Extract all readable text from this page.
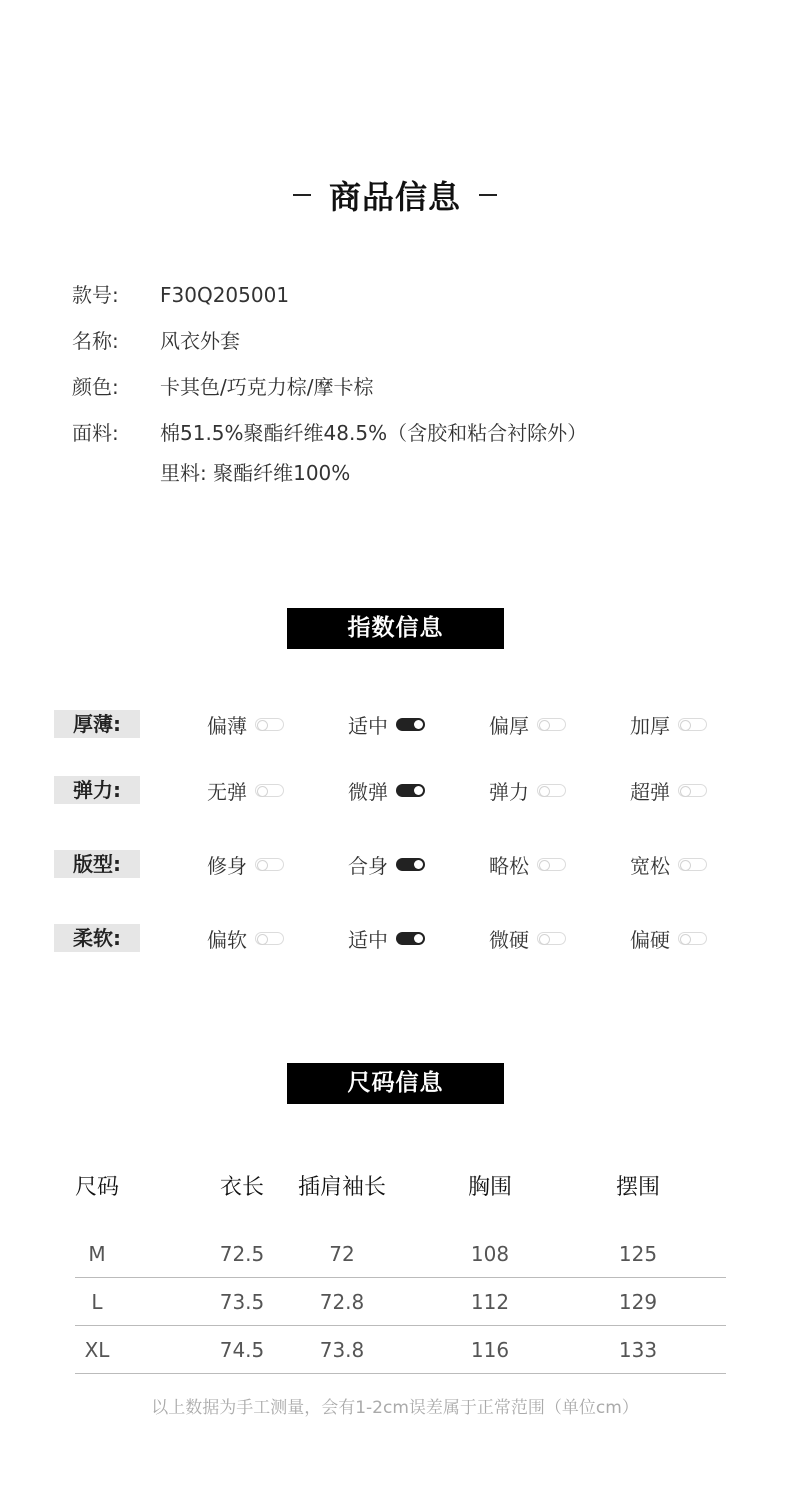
商品信息
款号:	F30Q205001
名称:	风衣外套
颜色:	卡其色/巧克力棕/摩卡棕
面料:	棉51.5%聚酯纤维48.5%（含胶和粘合衬除外）
里料: 聚酯纤维100%
指数信息
厚薄:	偏薄	适中	偏厚	加厚
弹力:	无弹	微弹	弹力	超弹
版型:	修身	合身	略松	宽松
柔软:	偏软	适中	微硬	偏硬
尺码信息
尺码	衣长	插肩袖长	胸围	摆围
M	72.5	72	108	125
L	73.5	72.8	112	129
XL	74.5	73.8	116	133
以上数据为手工测量，会有1-2cm误差属于正常范围（单位cm）
